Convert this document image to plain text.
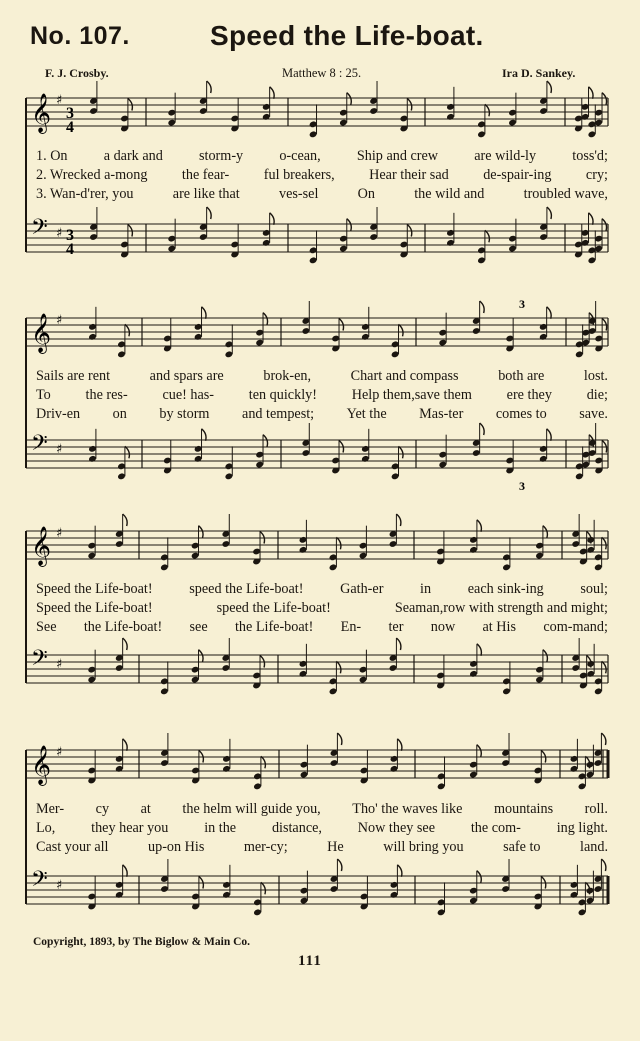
No. 107.	Speed the Life-boat.
F. J. Crosby.	Matthew 8 : 25.	Ira D. Sankey.
𝄞 ♯
𝄢 ♯
𝄞 ♯
𝄢 ♯
𝄞 ♯
𝄢 ♯
𝄞 ♯
𝄢 ♯
3
4
3
4
3
3
1. On	a dark and	storm-y	o-cean,	Ship and crew	are wild-ly	toss'd;
2. Wrecked a-mong the fear- ful breakers, Hear their sad de-spair-ing cry;
3. Wan-d'rer, you	are like that	ves-sel	On	the wild and	troubled wave,
Sails are rent	and spars are	brok-en,	Chart and compass	both are	lost.
To the res- cue! has- ten quickly! Help them,save them ere they die;
Driv-en on by storm and tempest; Yet the Mas-ter comes to save.
Speed the Life-boat!	speed the Life-boat!	Gath-er	in	each sink-ing	soul;
Speed the Life-boat!	speed the Life-boat!	Seaman,row with strength and might;
See the Life-boat! see the Life-boat! En- ter now at His com-mand;
Mer- cy at the helm will guide you, Tho' the waves like mountains roll.
Lo,	they hear you	in the	distance,	Now they see	the com-	ing light.
Cast your all	up-on His	mer-cy;	He	will bring you	safe to	land.
Copyright, 1893, by The Biglow & Main Co.
111
